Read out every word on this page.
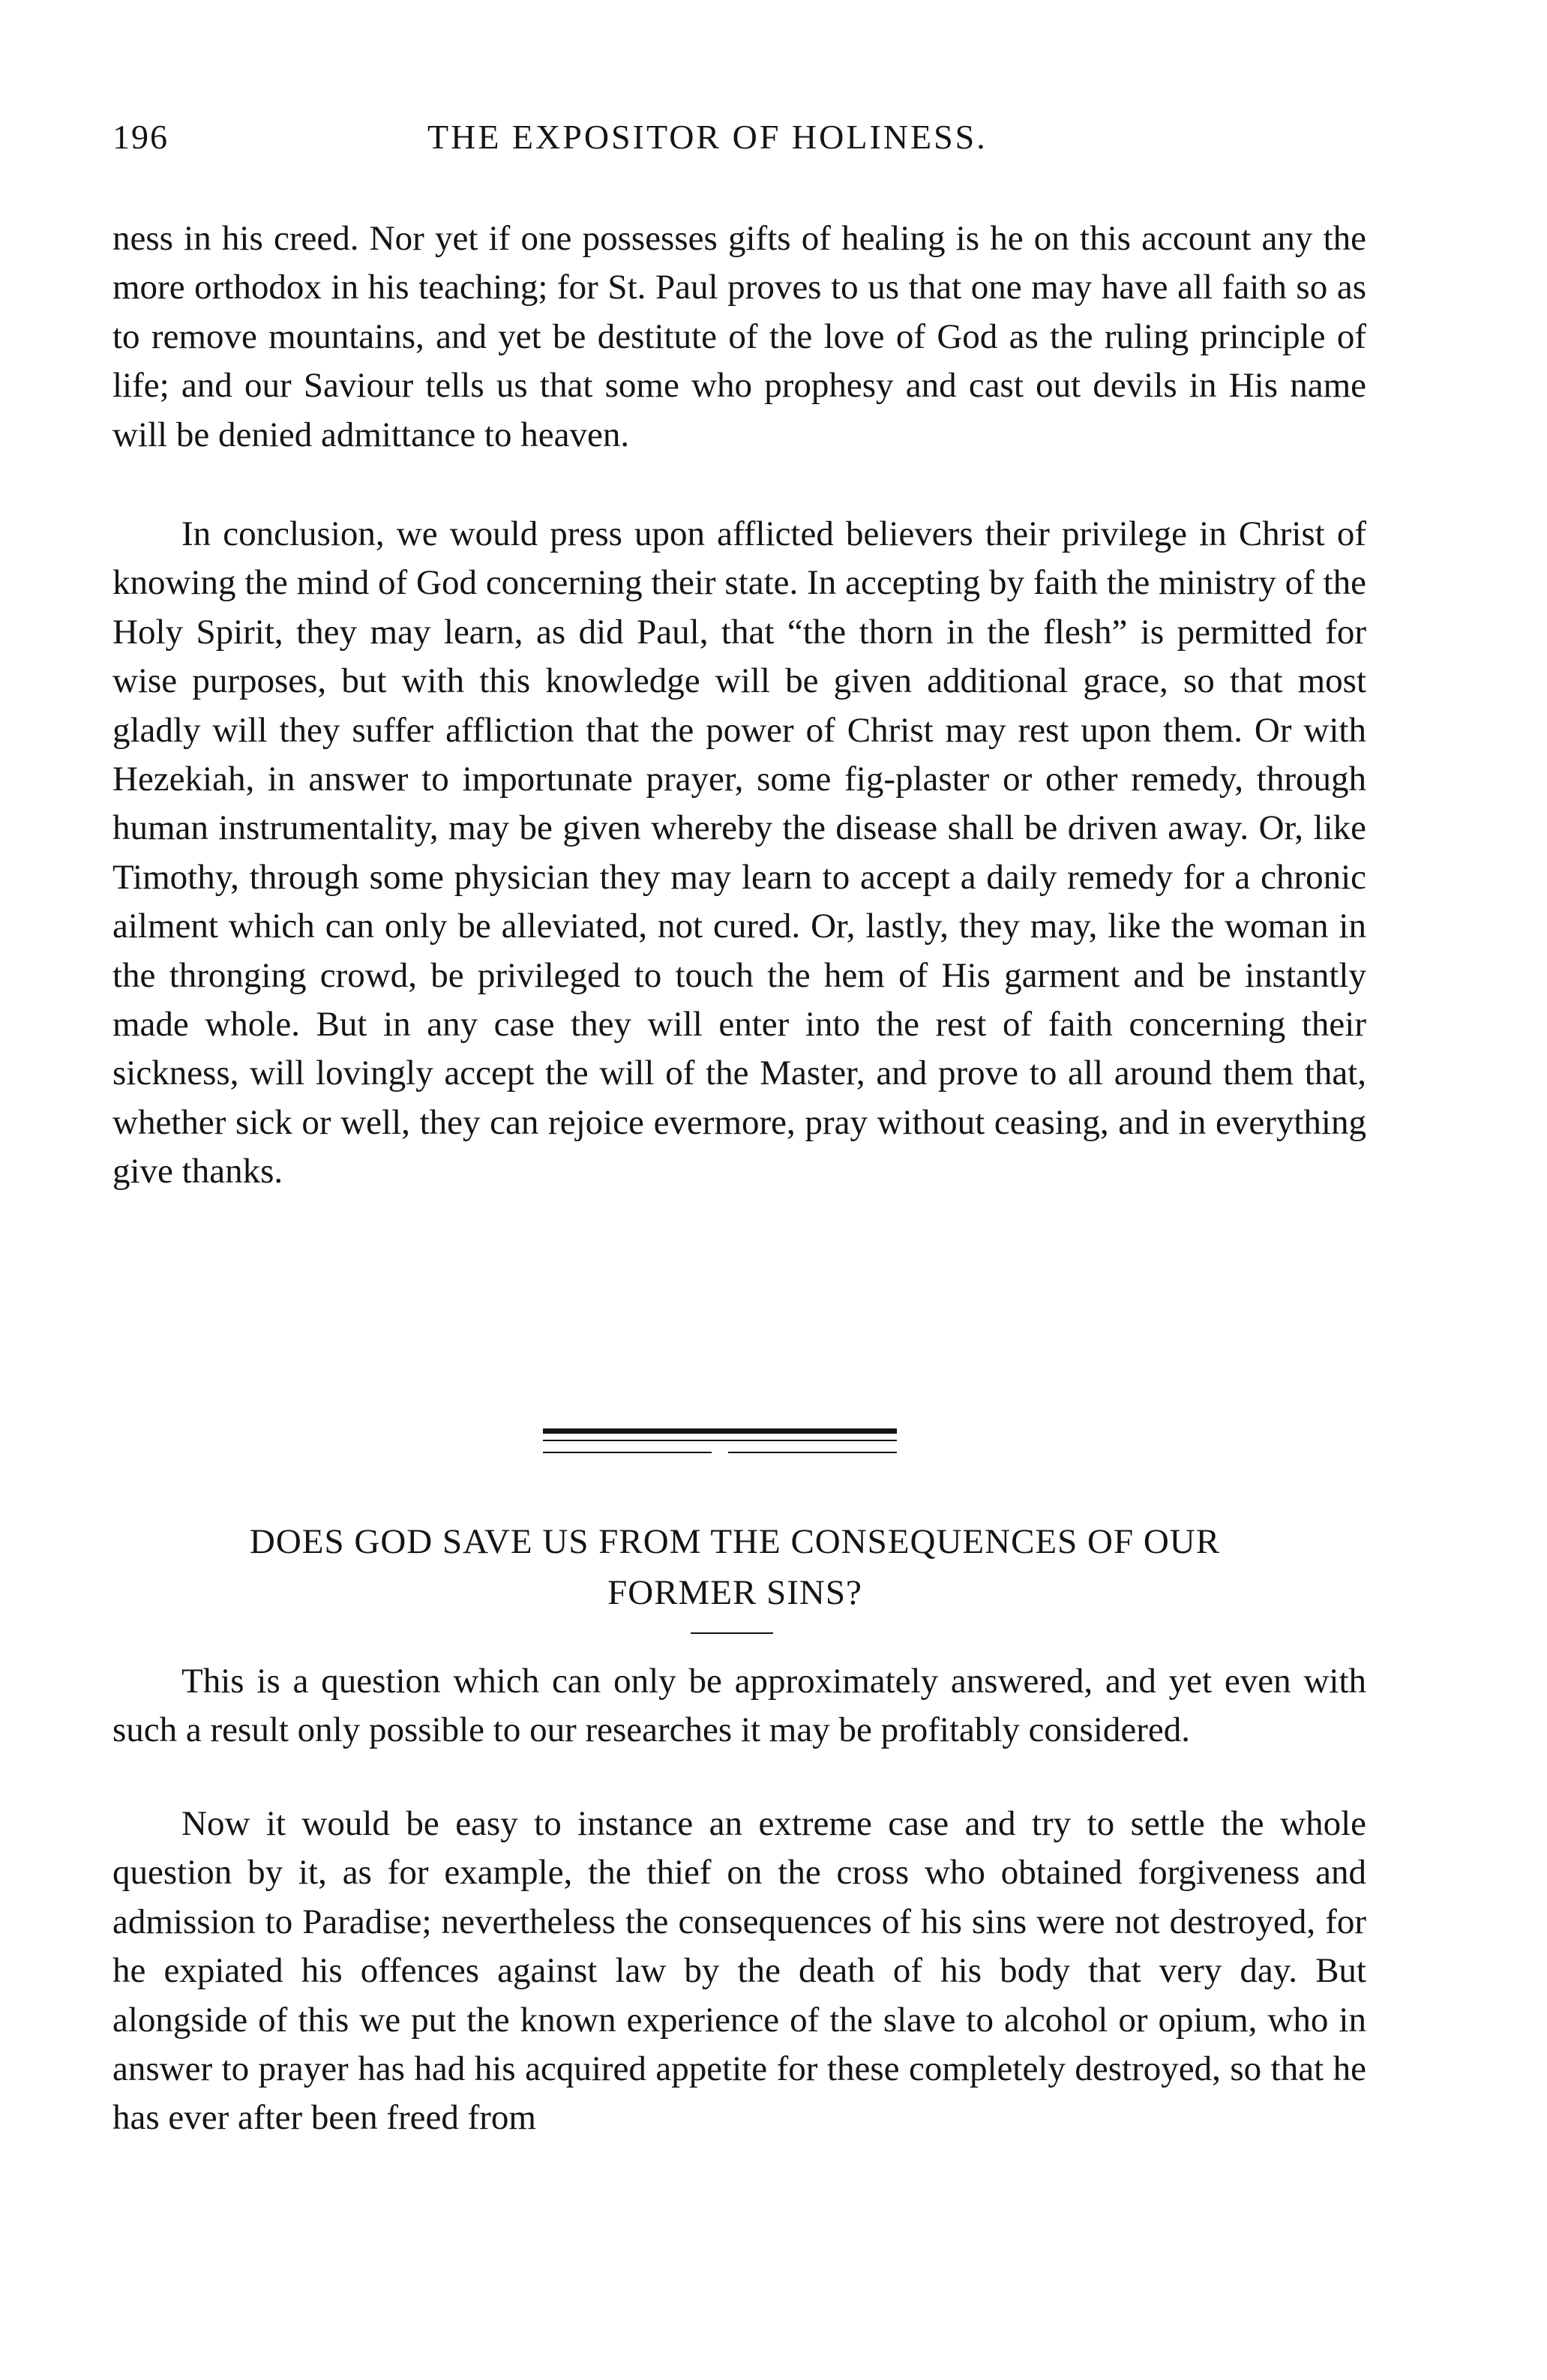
196	THE EXPOSITOR OF HOLINESS.

ness in his creed. Nor yet if one possesses gifts of healing is he on this account any the more orthodox in his teaching; for St. Paul proves to us that one may have all faith so as to remove mountains, and yet be destitute of the love of God as the ruling principle of life; and our Saviour tells us that some who prophesy and cast out devils in His name will be denied admittance to heaven.

In conclusion, we would press upon afflicted believers their privilege in Christ of knowing the mind of God concerning their state. In accepting by faith the ministry of the Holy Spirit, they may learn, as did Paul, that “the thorn in the flesh” is permitted for wise purposes, but with this knowledge will be given additional grace, so that most gladly will they suffer affliction that the power of Christ may rest upon them. Or with Hezekiah, in answer to importunate prayer, some fig-plaster or other remedy, through human instrumentality, may be given whereby the disease shall be driven away. Or, like Timothy, through some physician they may learn to accept a daily remedy for a chronic ailment which can only be alleviated, not cured. Or, lastly, they may, like the woman in the thronging crowd, be privileged to touch the hem of His garment and be instantly made whole. But in any case they will enter into the rest of faith concerning their sickness, will lovingly accept the will of the Master, and prove to all around them that, whether sick or well, they can rejoice evermore, pray without ceasing, and in everything give thanks.

DOES GOD SAVE US FROM THE CONSEQUENCES OF OUR
FORMER SINS?

This is a question which can only be approximately answered, and yet even with such a result only possible to our researches it may be profitably considered.

Now it would be easy to instance an extreme case and try to settle the whole question by it, as for example, the thief on the cross who obtained forgiveness and admission to Paradise; nevertheless the consequences of his sins were not destroyed, for he expiated his offences against law by the death of his body that very day. But alongside of this we put the known experience of the slave to alcohol or opium, who in answer to prayer has had his acquired appetite for these completely destroyed, so that he has ever after been freed from
